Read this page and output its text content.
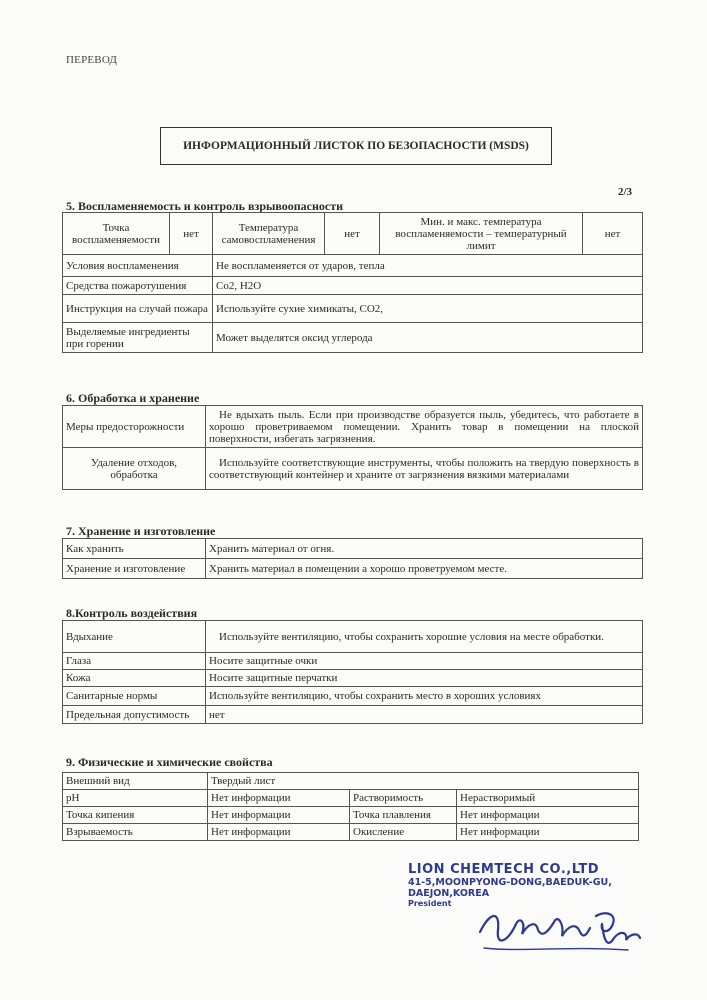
ПЕРЕВОД
ИНФОРМАЦИОННЫЙ ЛИСТОК ПО БЕЗОПАСНОСТИ (MSDS)
2/3
5. Воспламеняемость и контроль взрывоопасности
Точка воспламеняемости	нет	Температура самовоспламенения	нет	Мин. и макс. температура воспламеняемости – температурный лимит	нет
Условия воспламенения		Не воспламеняется от ударов, тепла			
Средства пожаротушения		Co2, H2O			
Инструкция на случай пожара		Используйте сухие химикаты, CO2,			
Выделяемые ингредиенты при горении		Может выделятся оксид углерода			
6. Обработка и хранение
Меры предосторожности	Не вдыхать пыль. Если при производстве образуется пыль, убедитесь, что работаете в хорошо проветриваемом помещении. Хранить товар в помещении на плоской поверхности, избегать загрязнения.
Удаление отходов, обработка	Используйте соответствующие инструменты, чтобы положить на твердую поверхность в соответствующий контейнер и храните от загрязнения вязкими материалами
7. Хранение и изготовление
Как хранить	Хранить материал от огня.
Хранение и изготовление	Хранить материал в помещении а хорошо проветруемом месте.
8.Контроль воздействия
Вдыхание	Используйте вентиляцию, чтобы сохранить хорошие условия на месте обработки.
Глаза	Носите защитные очки
Кожа	Носите защитные перчатки
Санитарные нормы	Используйте вентиляцию, чтобы сохранить место в хороших условиях
Предельная допустимость	нет
9. Физические и химические свойства
Внешний вид	Твердый лист		
pH	Нет информации	Растворимость	Нерастворимый
Точка кипения	Нет информации	Точка плавления	Нет информации
Взрываемость	Нет информации	Окисление	Нет информации
LION CHEMTECH CO.,LTD
41-5,MOONPYONG-DONG,BAEDUK-GU,
DAEJON,KOREA
President
